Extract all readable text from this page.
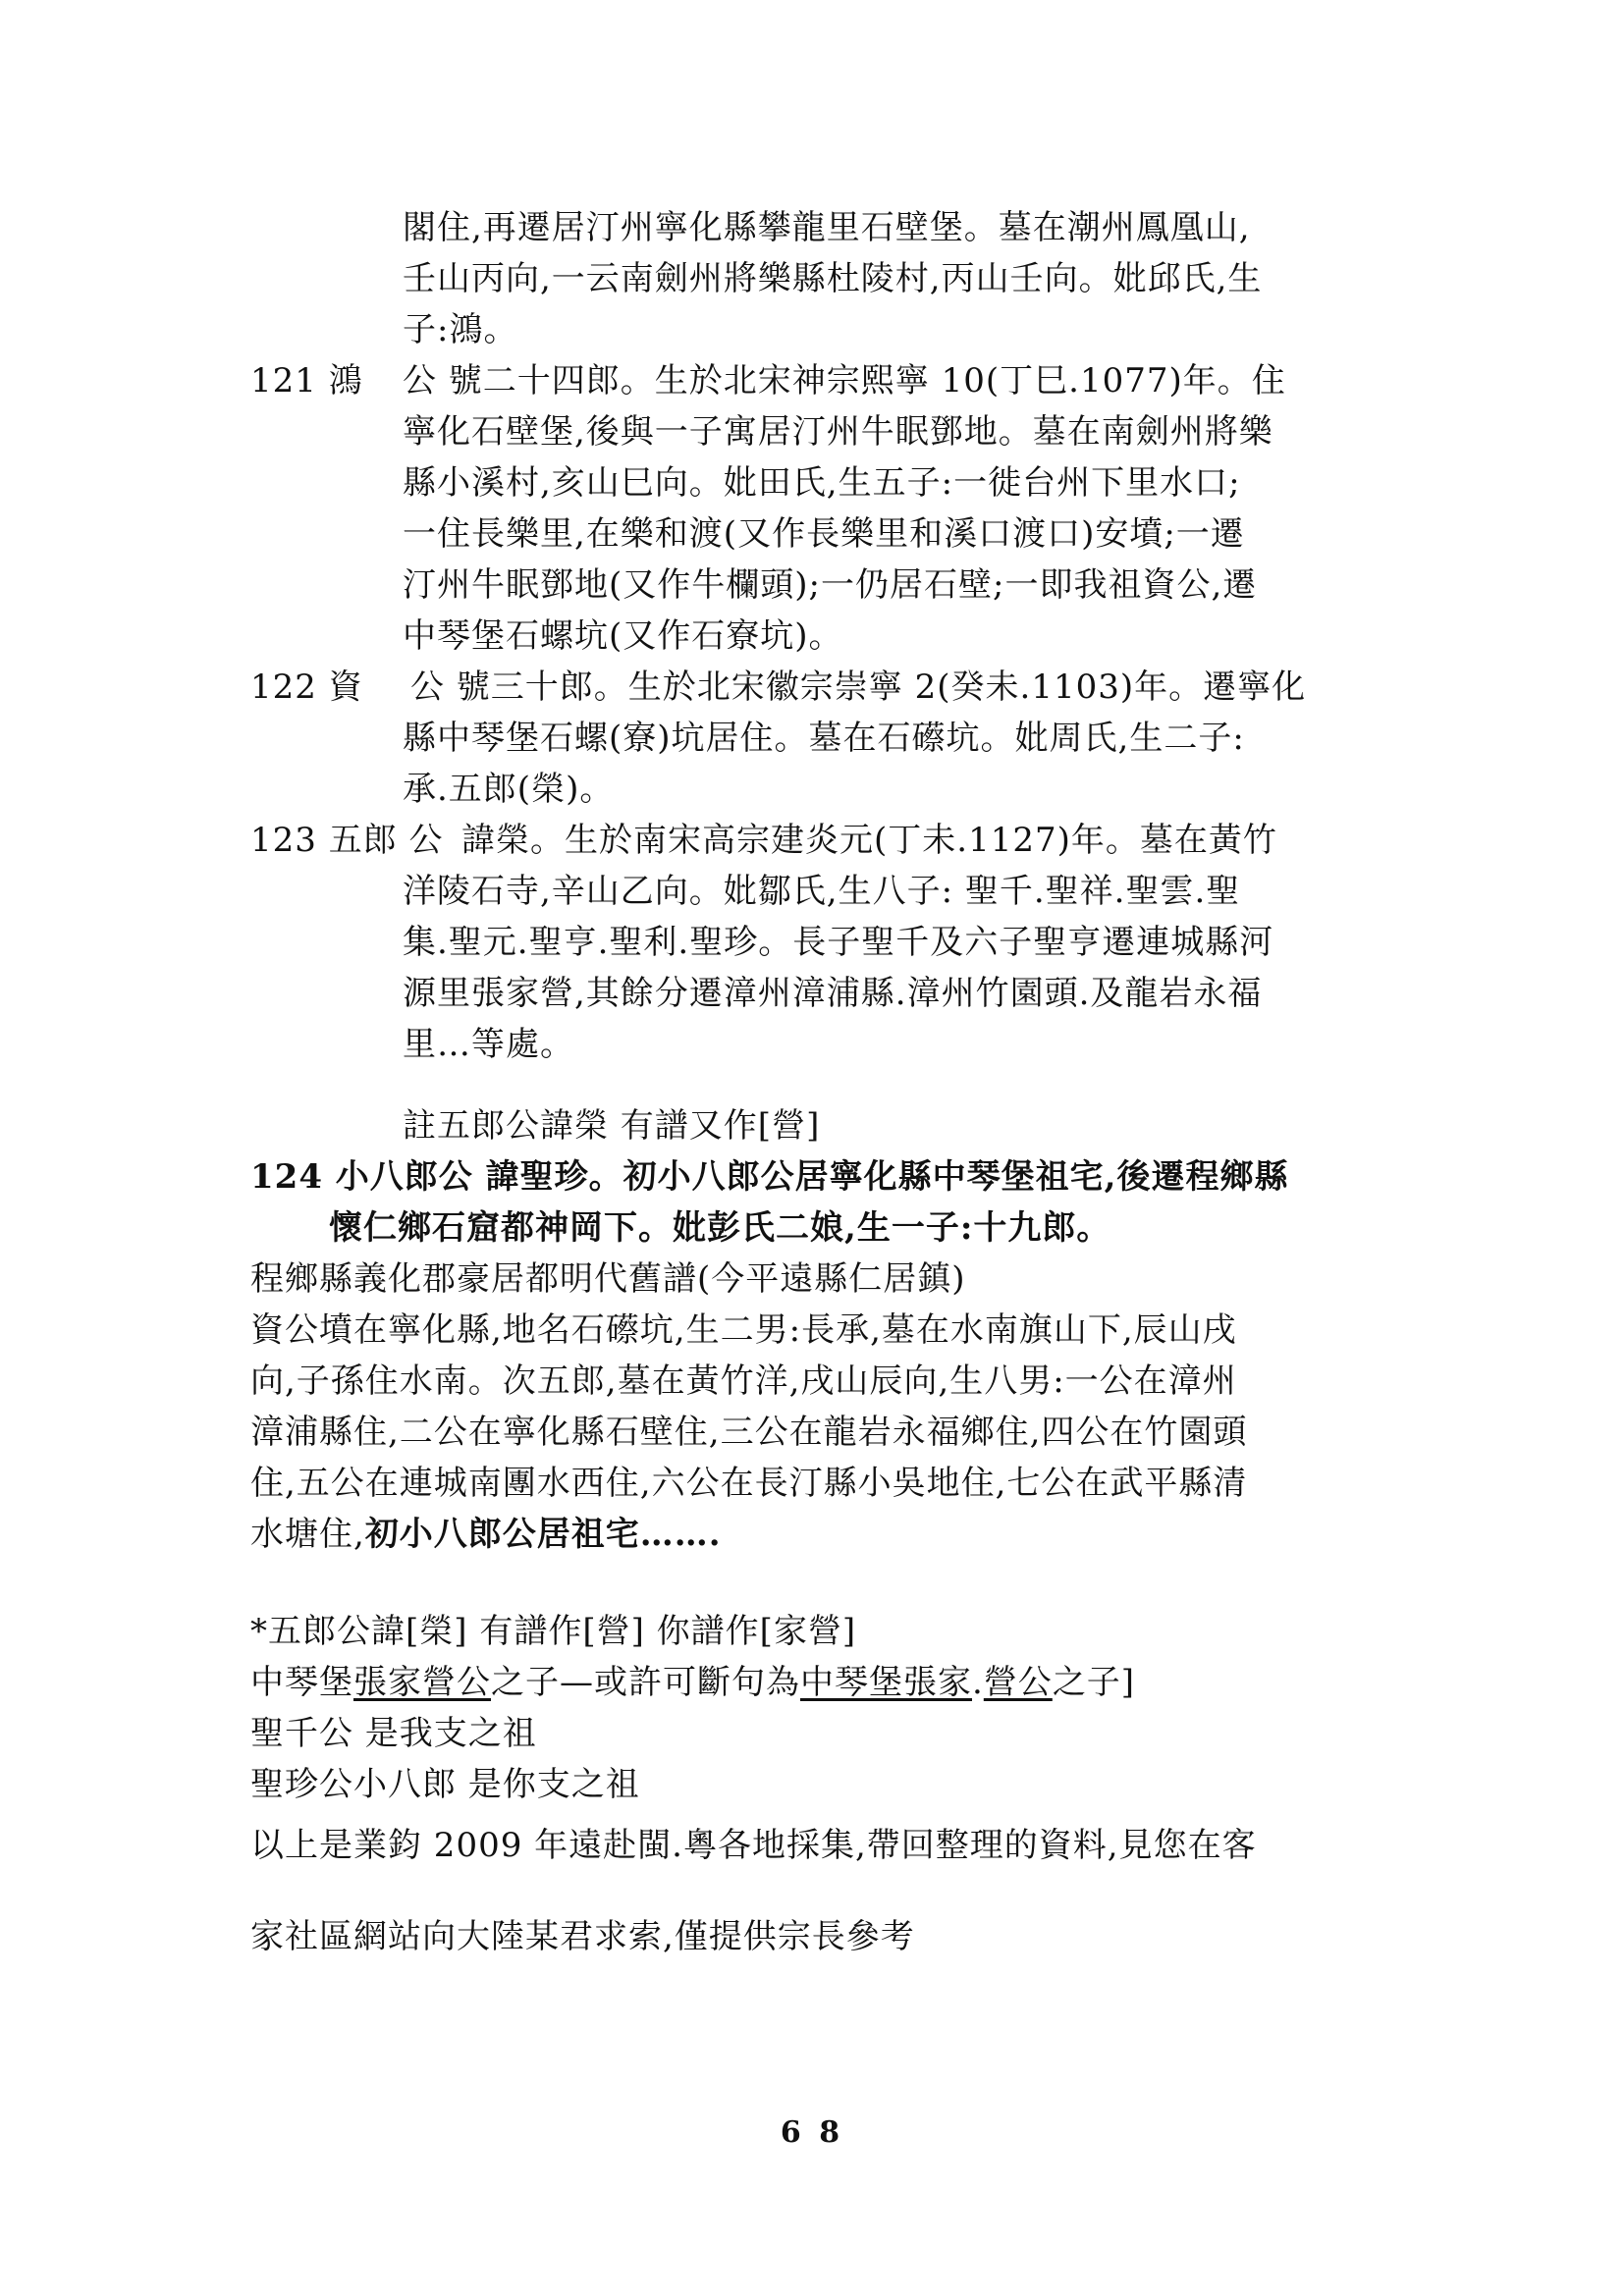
閣住,再遷居汀州寧化縣攀龍里石壁堡。墓在潮州鳳凰山,
壬山丙向,一云南劍州將樂縣杜陵村,丙山壬向。妣邱氏,生
子:鴻。
121 鴻 公 號二十四郎。生於北宋神宗熙寧 10(丁巳.1077)年。住
寧化石壁堡,後與一子寓居汀州牛眠鄧地。墓在南劍州將樂
縣小溪村,亥山巳向。妣田氏,生五子:一徙台州下里水口;
一住長樂里,在樂和渡(又作長樂里和溪口渡口)安墳;一遷
汀州牛眠鄧地(又作牛欄頭);一仍居石壁;一即我祖資公,遷
中琴堡石螺坑(又作石寮坑)。
122 資 公 號三十郎。生於北宋徽宗崇寧 2(癸未.1103)年。遷寧化
縣中琴堡石螺(寮)坑居住。墓在石礤坑。妣周氏,生二子:
承.五郎(榮)。
123 五郎 公 諱榮。生於南宋高宗建炎元(丁未.1127)年。墓在黃竹
洋陵石寺,辛山乙向。妣鄒氏,生八子: 聖千.聖祥.聖雲.聖
集.聖元.聖亨.聖利.聖珍。長子聖千及六子聖亨遷連城縣河
源里張家營,其餘分遷漳州漳浦縣.漳州竹園頭.及龍岩永福
里…等處。
註五郎公諱榮 有譜又作[營]
124 小八郎公 諱聖珍。初小八郎公居寧化縣中琴堡祖宅,後遷程鄉縣
懷仁鄉石窟都神岡下。妣彭氏二娘,生一子:十九郎。
程鄉縣義化郡豪居都明代舊譜(今平遠縣仁居鎮)
資公墳在寧化縣,地名石礤坑,生二男:長承,墓在水南旗山下,辰山戌
向,子孫住水南。次五郎,墓在黃竹洋,戌山辰向,生八男:一公在漳州
漳浦縣住,二公在寧化縣石壁住,三公在龍岩永福鄉住,四公在竹園頭
住,五公在連城南團水西住,六公在長汀縣小吳地住,七公在武平縣清
水塘住,初小八郎公居祖宅…….
*五郎公諱[榮] 有譜作[營] 你譜作[家營]
中琴堡張家營公之子—或許可斷句為中琴堡張家.營公之子]
聖千公 是我支之祖
聖珍公小八郎 是你支之祖
以上是業鈞 2009 年遠赴閩.粵各地採集,帶回整理的資料,見您在客
家社區網站向大陸某君求索,僅提供宗長參考
6 8
